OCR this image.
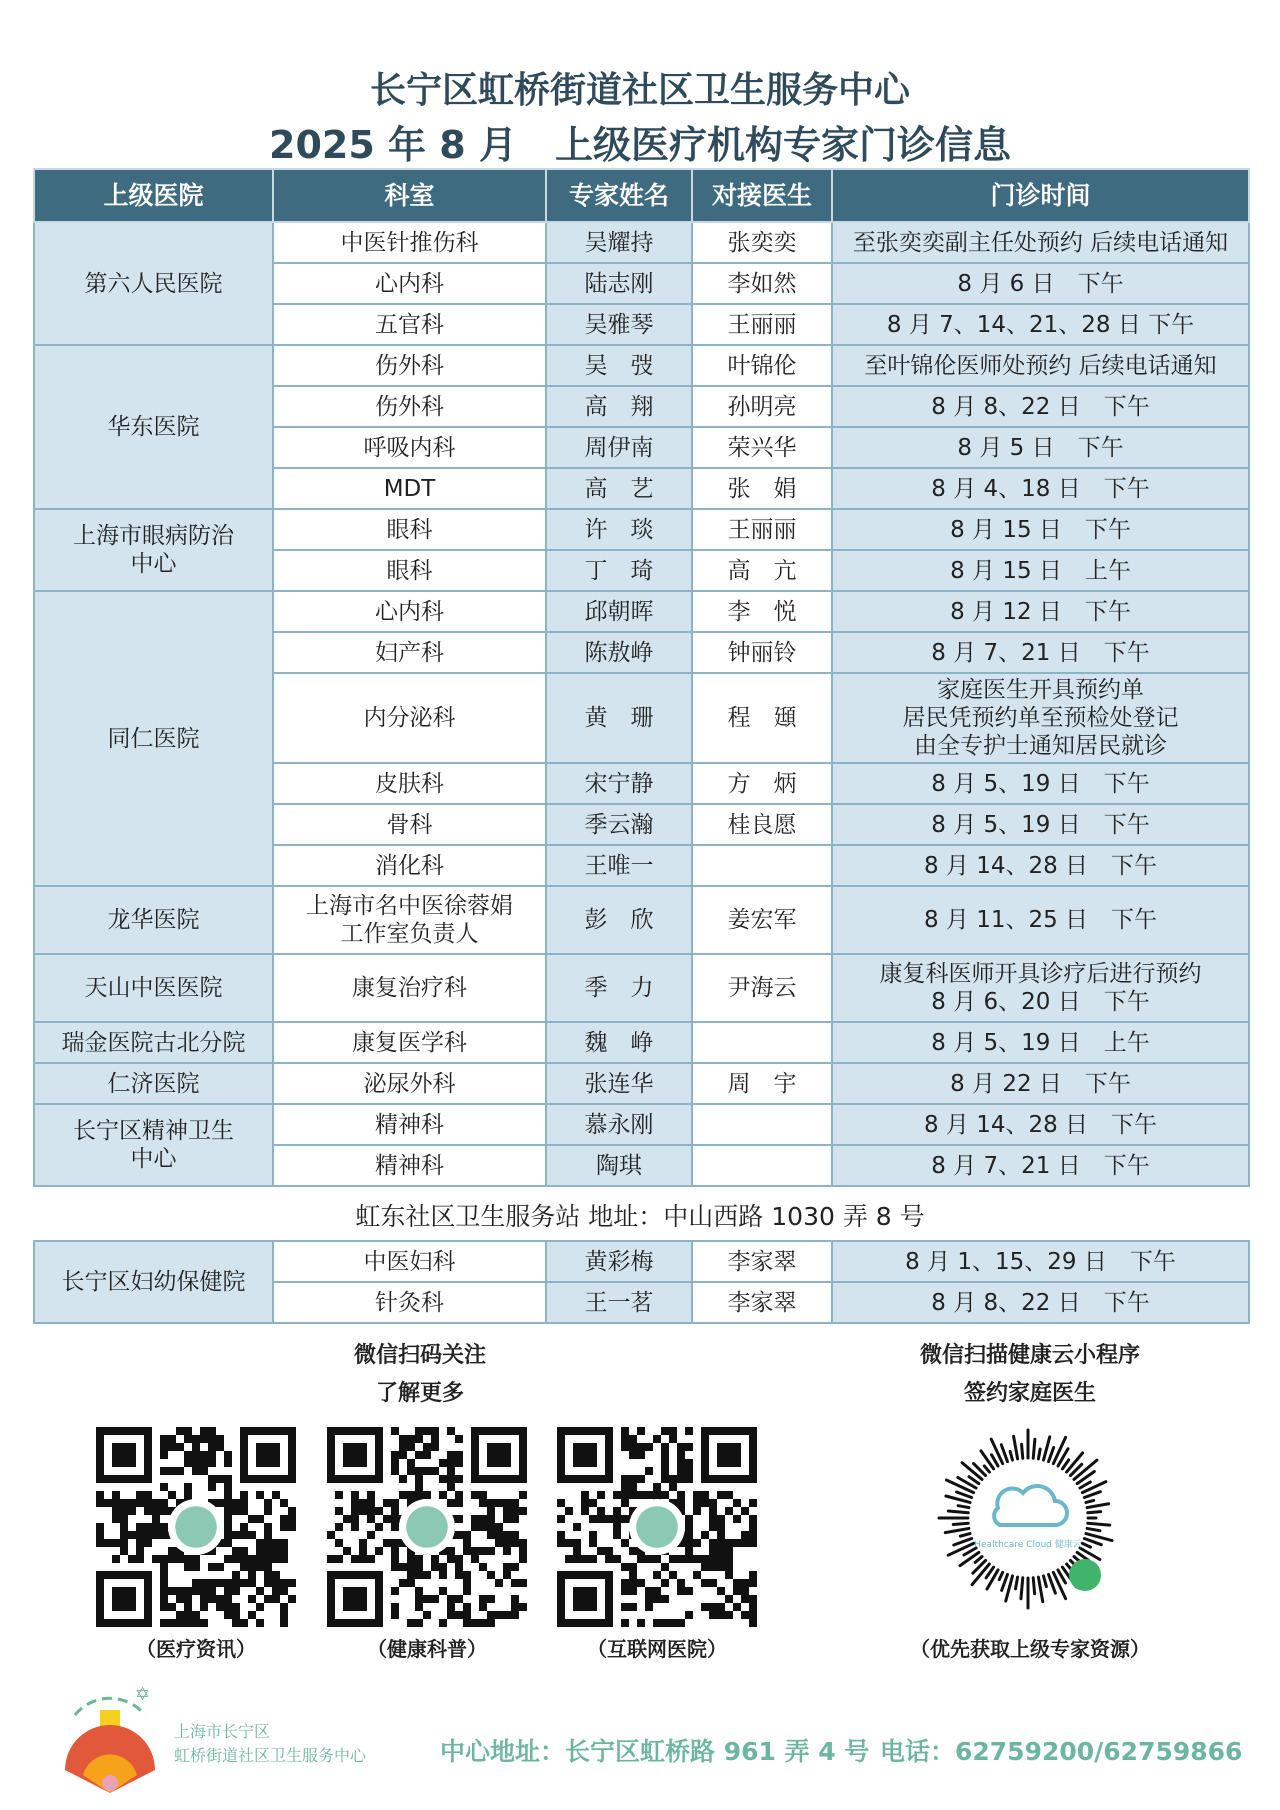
长宁区虹桥街道社区卫生服务中心
2025 年 8 月　上级医疗机构专家门诊信息
上级医院	科室	专家姓名	对接医生	门诊时间
第六人民医院	中医针推伤科	吴耀持	张奕奕	至张奕奕副主任处预约 后续电话通知
	心内科	陆志刚	李如然	8 月 6 日　下午
	五官科	吴雅琴	王丽丽	8 月 7、14、21、28 日 下午
华东医院	伤外科	吴　弢	叶锦伦	至叶锦伦医师处预约 后续电话通知
	伤外科	高　翔	孙明亮	8 月 8、22 日　下午
	呼吸内科	周伊南	荣兴华	8 月 5 日　下午
	MDT	高　艺	张　娟	8 月 4、18 日　下午
上海市眼病防治
中心	眼科	许　琰	王丽丽	8 月 15 日　下午
	眼科	丁　琦	高　亢	8 月 15 日　上午
同仁医院	心内科	邱朝晖	李　悦	8 月 12 日　下午
	妇产科	陈敖峥	钟丽铃	8 月 7、21 日　下午
	内分泌科	黄　珊	程　頲	家庭医生开具预约单
居民凭预约单至预检处登记
由全专护士通知居民就诊
	皮肤科	宋宁静	方　炳	8 月 5、19 日　下午
	骨科	季云瀚	桂良愿	8 月 5、19 日　下午
	消化科	王唯一		8 月 14、28 日　下午
龙华医院	上海市名中医徐蓉娟
工作室负责人	彭　欣	姜宏军	8 月 11、25 日　下午
天山中医医院	康复治疗科	季　力	尹海云	康复科医师开具诊疗后进行预约
8 月 6、20 日　下午
瑞金医院古北分院	康复医学科	魏　峥		8 月 5、19 日　上午
仁济医院	泌尿外科	张连华	周　宇	8 月 22 日　下午
长宁区精神卫生
中心	精神科	慕永刚		8 月 14、28 日　下午
	精神科	陶琪		8 月 7、21 日　下午
虹东社区卫生服务站 地址：中山西路 1030 弄 8 号
长宁区妇幼保健院	中医妇科	黄彩梅	李家翠	8 月 1、15、29 日　下午
	针灸科	王一茗	李家翠	8 月 8、22 日　下午
微信扫码关注
了解更多
微信扫描健康云小程序
签约家庭医生
Healthcare Cloud 健康云
（医疗资讯）	（健康科普）	（互联网医院）	（优先获取上级专家资源）
✡
上海市长宁区
虹桥街道社区卫生服务中心	中心地址：长宁区虹桥路 961 弄 4 号 电话：62759200/62759866
